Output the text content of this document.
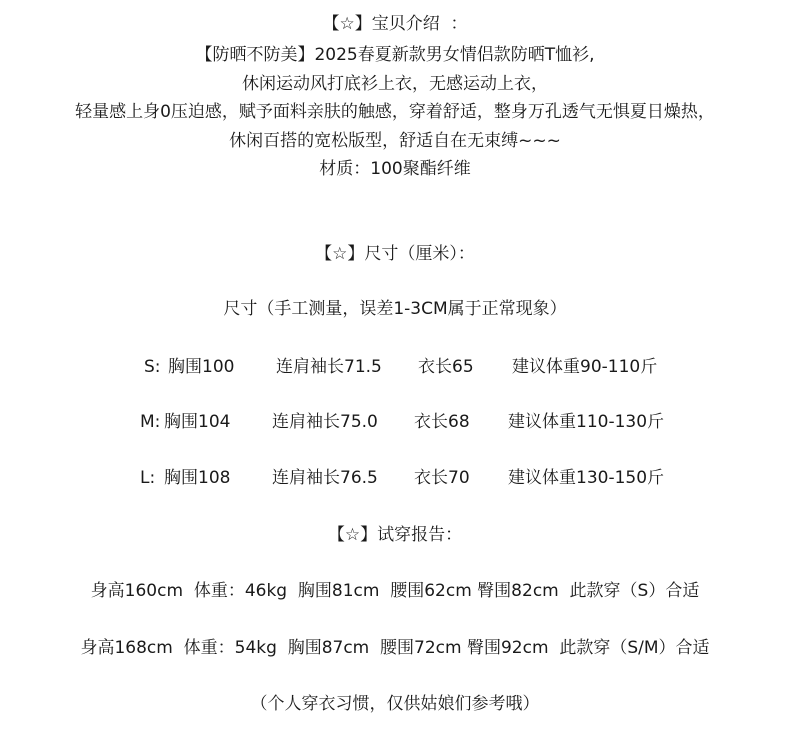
【☆】宝贝介绍  ：
【防晒不防美】2025春夏新款男女情侣款防晒T恤衫,
休闲运动风打底衫上衣，无感运动上衣，
轻量感上身0压迫感，赋予面料亲肤的触感，穿着舒适，整身万孔透气无惧夏日燥热，
休闲百搭的宽松版型，舒适自在无束缚~~~
材质：100聚酯纤维
【☆】尺寸（厘米）：
尺寸（手工测量，误差1-3CM属于正常现象）

S:

胸围100

连肩袖长71.5

衣长65

建议体重90-110斤

M:

胸围104

连肩袖长75.0

衣长68

建议体重110-130斤

L:

胸围108

连肩袖长76.5

衣长70

建议体重130-150斤

【☆】试穿报告：
身高160cm  体重：46kg  胸围81cm  腰围62cm 臀围82cm  此款穿（S）合适
身高168cm  体重：54kg  胸围87cm  腰围72cm 臀围92cm  此款穿（S/M）合适
（个人穿衣习惯，仅供姑娘们参考哦）
